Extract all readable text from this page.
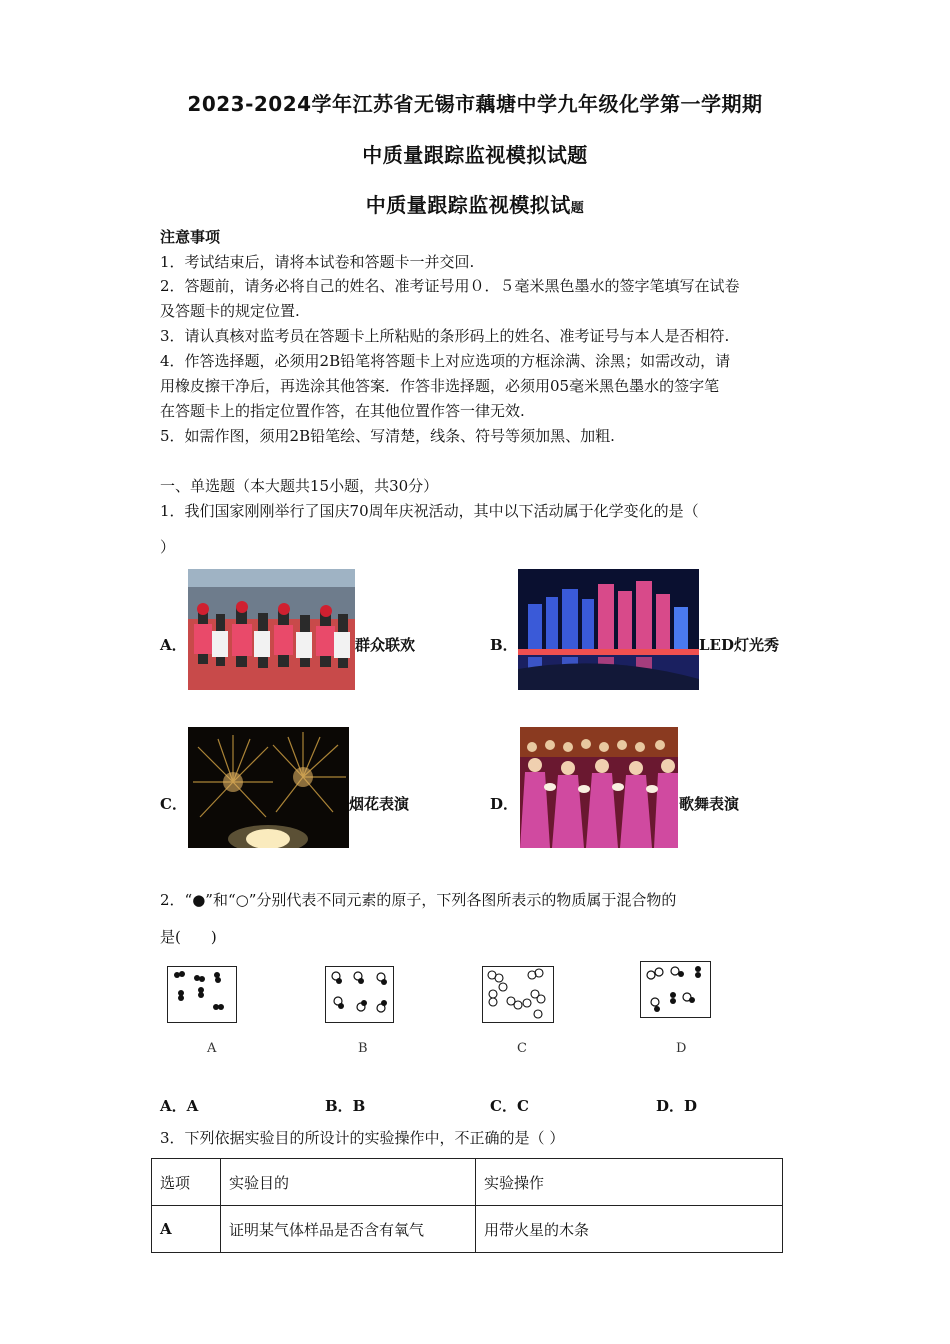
2023-2024学年江苏省无锡市藕塘中学九年级化学第一学期期
中质量跟踪监视模拟试题
中质量跟踪监视模拟试题
注意事项
1．考试结束后，请将本试卷和答题卡一并交回.
2．答题前，请务必将自己的姓名、准考证号用０．５毫米黑色墨水的签字笔填写在试卷
及答题卡的规定位置.
3．请认真核对监考员在答题卡上所粘贴的条形码上的姓名、准考证号与本人是否相符.
4．作答选择题，必须用2B铅笔将答题卡上对应选项的方框涂满、涂黑；如需改动，请
用橡皮擦干净后，再选涂其他答案．作答非选择题，必须用05毫米黑色墨水的签字笔
在答题卡上的指定位置作答，在其他位置作答一律无效.
5．如需作图，须用2B铅笔绘、写清楚，线条、符号等须加黑、加粗.
一、单选题（本大题共15小题，共30分）
1．我们国家刚刚举行了国庆70周年庆祝活动，其中以下活动属于化学变化的是（
）
A．	群众联欢	B．	LED灯光秀
C．	烟花表演	D．	歌舞表演
2．“●”和“○”分别代表不同元素的原子，下列各图所表示的物质属于混合物的
是(　　)
A	B	C	D
A．A	B．B	C．C	D．D
3．下列依据实验目的所设计的实验操作中，不正确的是（ ）
选项	实验目的	实验操作
A	证明某气体样品是否含有氧气	用带火星的木条
